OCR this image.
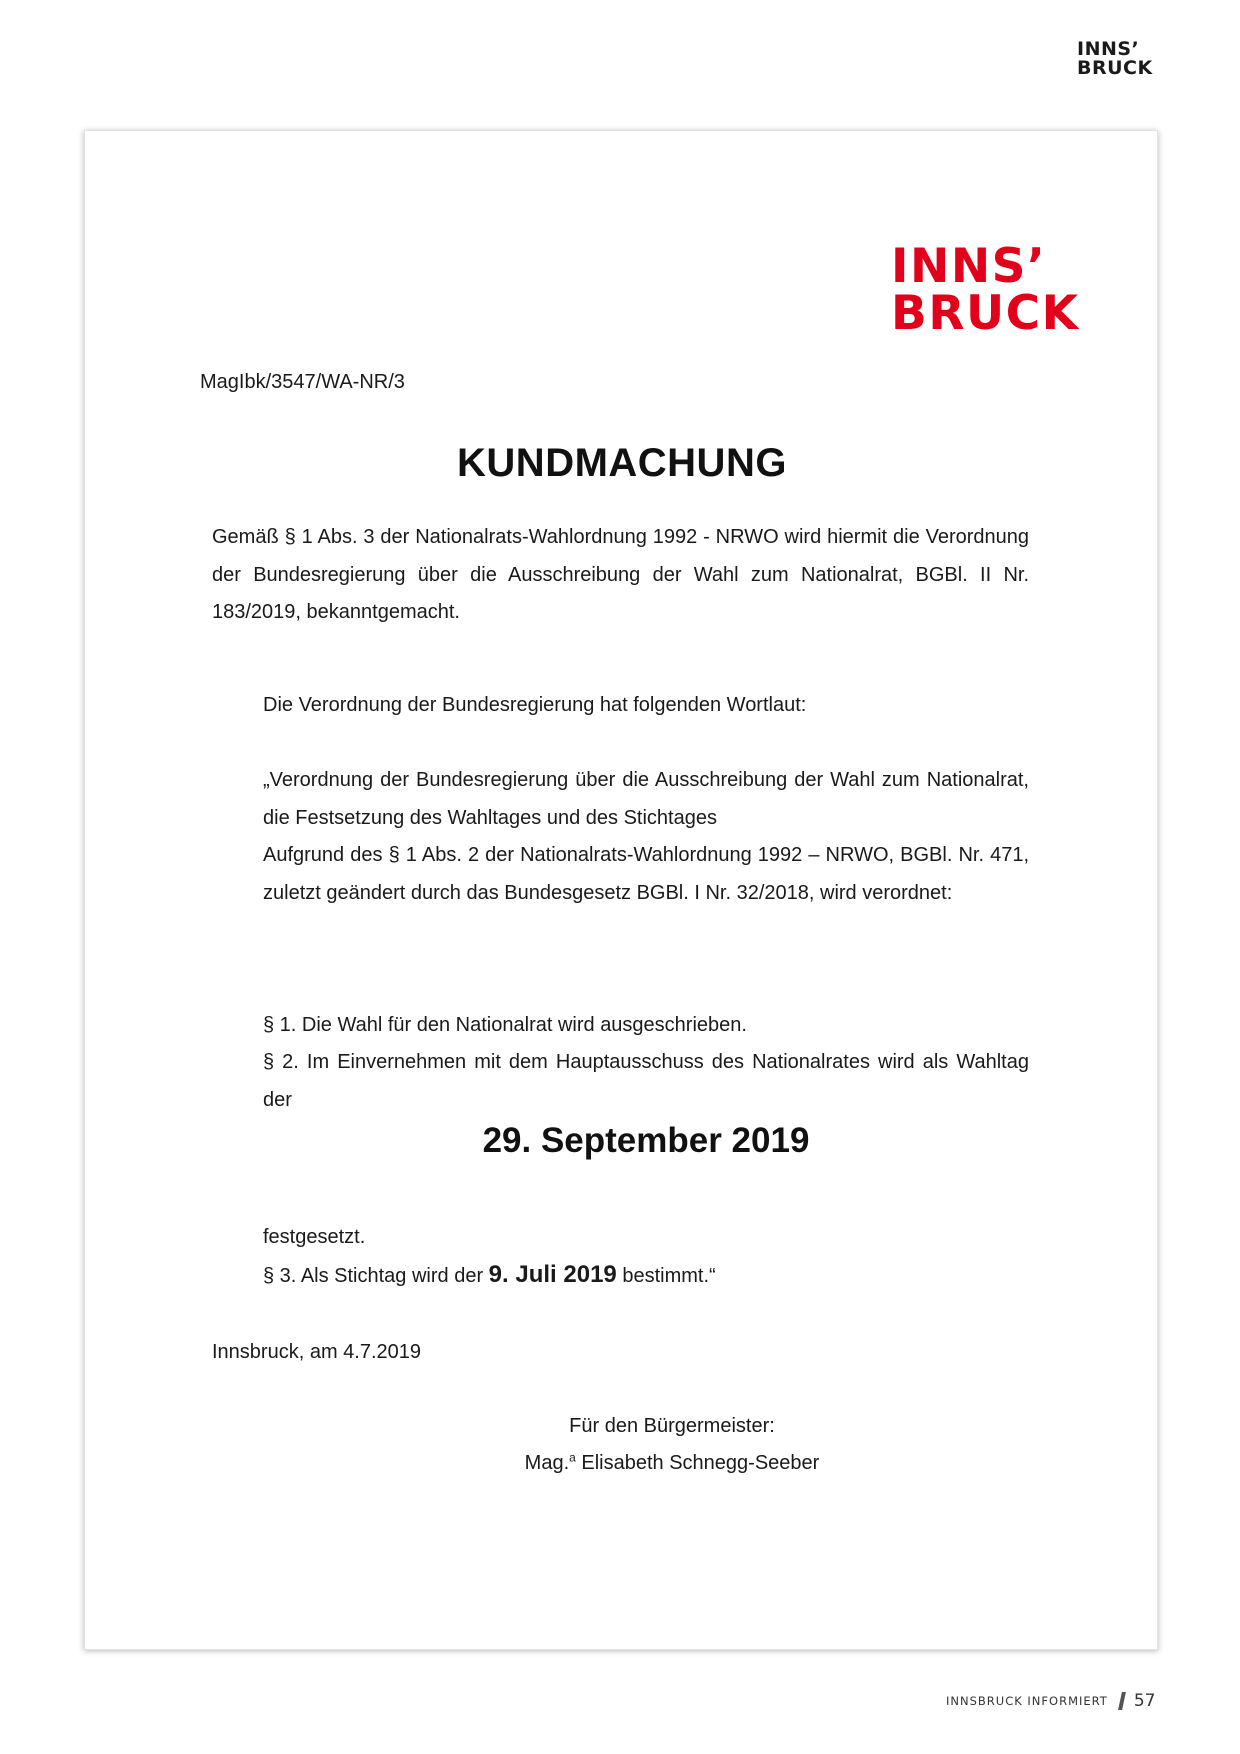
INNS’
BRUCK
INNS’
BRUCK
MagIbk/3547/WA-NR/3
KUNDMACHUNG

Gemäß § 1 Abs. 3 der Nationalrats-Wahlordnung 1992 - NRWO wird hiermit die Verordnung der Bundesregierung über die Ausschreibung der Wahl zum Nationalrat, BGBl. II Nr. 183/2019, bekanntgemacht.

Die Verordnung der Bundesregierung hat folgenden Wortlaut:

„Verordnung der Bundesregierung über die Ausschreibung der Wahl zum Nationalrat, die Festsetzung des Wahltages und des Stichtages

Aufgrund des § 1 Abs. 2 der Nationalrats-Wahlordnung 1992 – NRWO, BGBl. Nr. 471, zuletzt geändert durch das Bundesgesetz BGBl. I Nr. 32/2018, wird verordnet:

§ 1. Die Wahl für den Nationalrat wird ausgeschrieben.

§ 2. Im Einvernehmen mit dem Hauptausschuss des Nationalrates wird als Wahltag der

29. September 2019

festgesetzt.

§ 3. Als Stichtag wird der 9. Juli 2019 bestimmt.“

Innsbruck, am 4.7.2019

Für den Bürgermeister:
Mag.$^a$ Elisabeth Schnegg-Seeber
INNSBRUCK INFORMIERT 57
